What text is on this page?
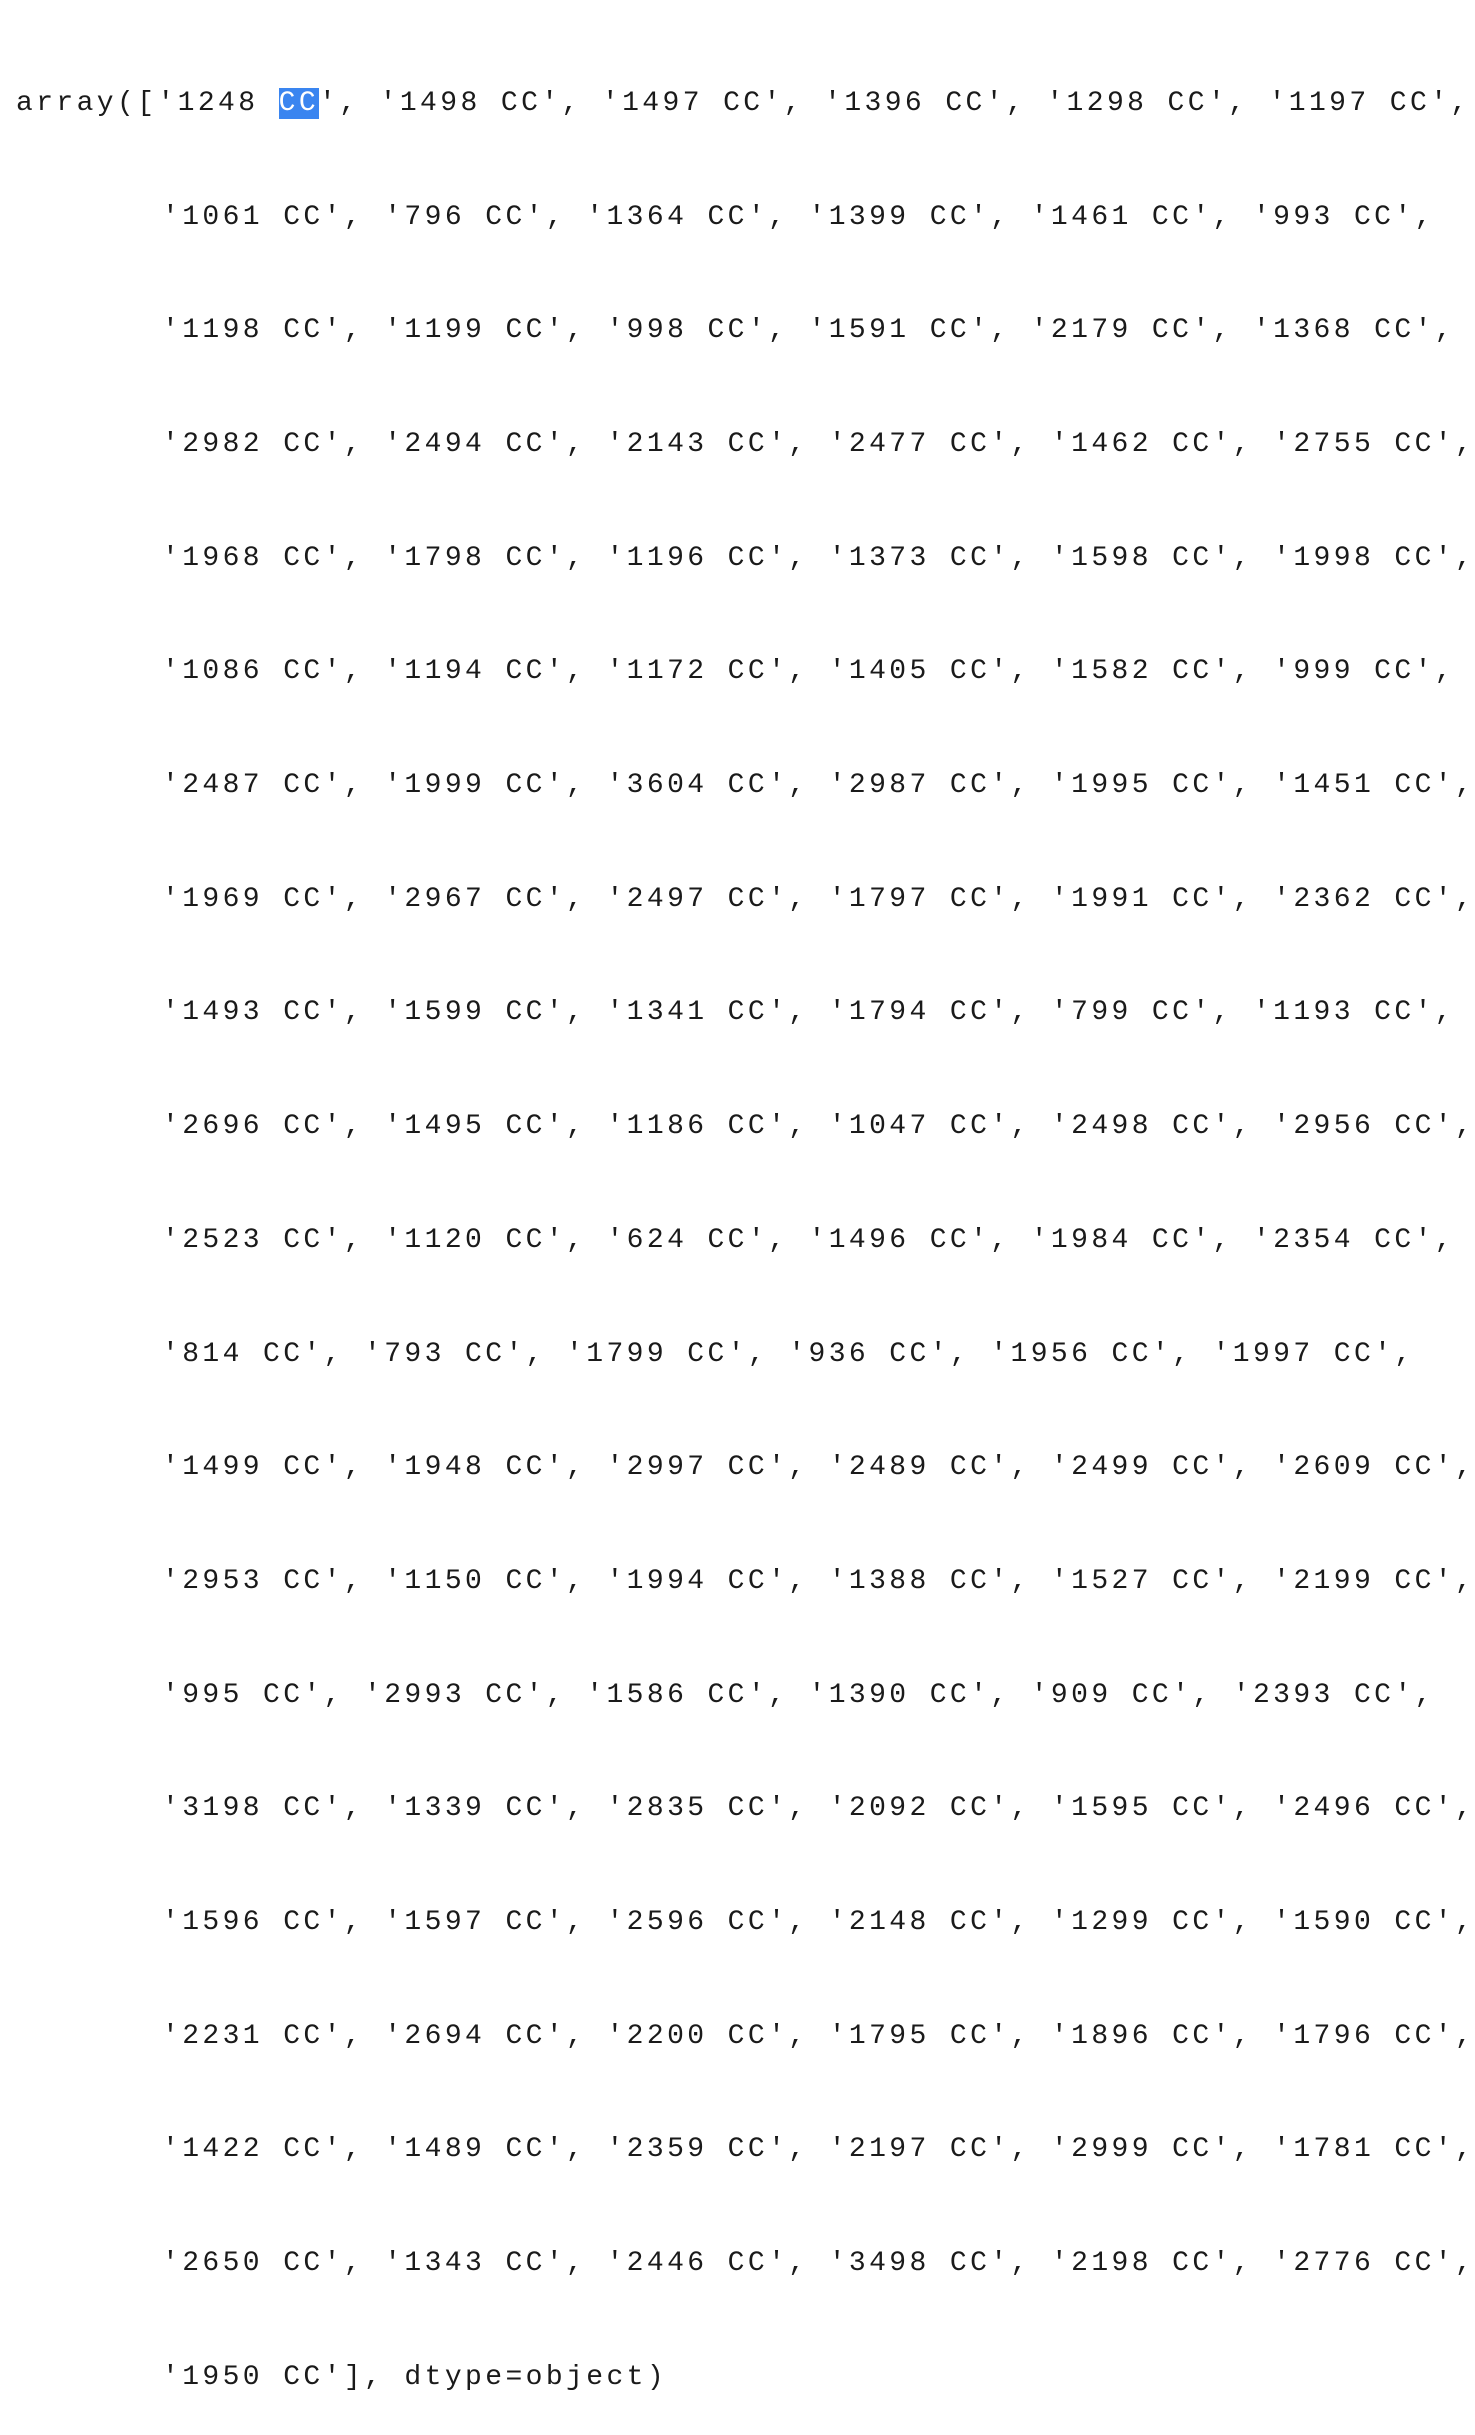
array(['1248 CC', '1498 CC', '1497 CC', '1396 CC', '1298 CC', '1197 CC',

'1061 CC', '796 CC', '1364 CC', '1399 CC', '1461 CC', '993 CC',

'1198 CC', '1199 CC', '998 CC', '1591 CC', '2179 CC', '1368 CC',

'2982 CC', '2494 CC', '2143 CC', '2477 CC', '1462 CC', '2755 CC',

'1968 CC', '1798 CC', '1196 CC', '1373 CC', '1598 CC', '1998 CC',

'1086 CC', '1194 CC', '1172 CC', '1405 CC', '1582 CC', '999 CC',

'2487 CC', '1999 CC', '3604 CC', '2987 CC', '1995 CC', '1451 CC',

'1969 CC', '2967 CC', '2497 CC', '1797 CC', '1991 CC', '2362 CC',

'1493 CC', '1599 CC', '1341 CC', '1794 CC', '799 CC', '1193 CC',

'2696 CC', '1495 CC', '1186 CC', '1047 CC', '2498 CC', '2956 CC',

'2523 CC', '1120 CC', '624 CC', '1496 CC', '1984 CC', '2354 CC',

'814 CC', '793 CC', '1799 CC', '936 CC', '1956 CC', '1997 CC',

'1499 CC', '1948 CC', '2997 CC', '2489 CC', '2499 CC', '2609 CC',

'2953 CC', '1150 CC', '1994 CC', '1388 CC', '1527 CC', '2199 CC',

'995 CC', '2993 CC', '1586 CC', '1390 CC', '909 CC', '2393 CC',

'3198 CC', '1339 CC', '2835 CC', '2092 CC', '1595 CC', '2496 CC',

'1596 CC', '1597 CC', '2596 CC', '2148 CC', '1299 CC', '1590 CC',

'2231 CC', '2694 CC', '2200 CC', '1795 CC', '1896 CC', '1796 CC',

'1422 CC', '1489 CC', '2359 CC', '2197 CC', '2999 CC', '1781 CC',

'2650 CC', '1343 CC', '2446 CC', '3498 CC', '2198 CC', '2776 CC',

'1950 CC'], dtype=object)
